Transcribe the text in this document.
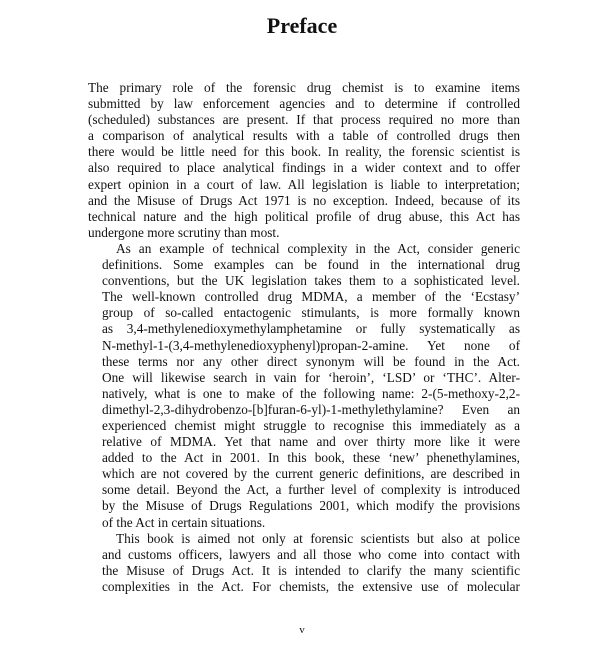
Preface

The primary role of the forensic drug chemist is to examine items
submitted by law enforcement agencies and to determine if controlled
(scheduled) substances are present. If that process required no more than
a comparison of analytical results with a table of controlled drugs then
there would be little need for this book. In reality, the forensic scientist is
also required to place analytical findings in a wider context and to offer
expert opinion in a court of law. All legislation is liable to interpretation;
and the Misuse of Drugs Act 1971 is no exception. Indeed, because of its
technical nature and the high political profile of drug abuse, this Act has
undergone more scrutiny than most.

As an example of technical complexity in the Act, consider generic
definitions. Some examples can be found in the international drug
conventions, but the UK legislation takes them to a sophisticated level.
The well-known controlled drug MDMA, a member of the ‘Ecstasy’
group of so-called entactogenic stimulants, is more formally known
as 3,4-methylenedioxymethylamphetamine or fully systematically as
N-methyl-1-(3,4-methylenedioxyphenyl)propan-2-amine. Yet none of
these terms nor any other direct synonym will be found in the Act.
One will likewise search in vain for ‘heroin’, ‘LSD’ or ‘THC’. Alter-
natively, what is one to make of the following name: 2-(5-methoxy-2,2-
dimethyl-2,3-dihydrobenzo-[b]furan-6-yl)-1-methylethylamine? Even an
experienced chemist might struggle to recognise this immediately as a
relative of MDMA. Yet that name and over thirty more like it were
added to the Act in 2001. In this book, these ‘new’ phenethylamines,
which are not covered by the current generic definitions, are described in
some detail. Beyond the Act, a further level of complexity is introduced
by the Misuse of Drugs Regulations 2001, which modify the provisions
of the Act in certain situations.

This book is aimed not only at forensic scientists but also at police
and customs officers, lawyers and all those who come into contact with
the Misuse of Drugs Act. It is intended to clarify the many scientific
complexities in the Act. For chemists, the extensive use of molecular

v
